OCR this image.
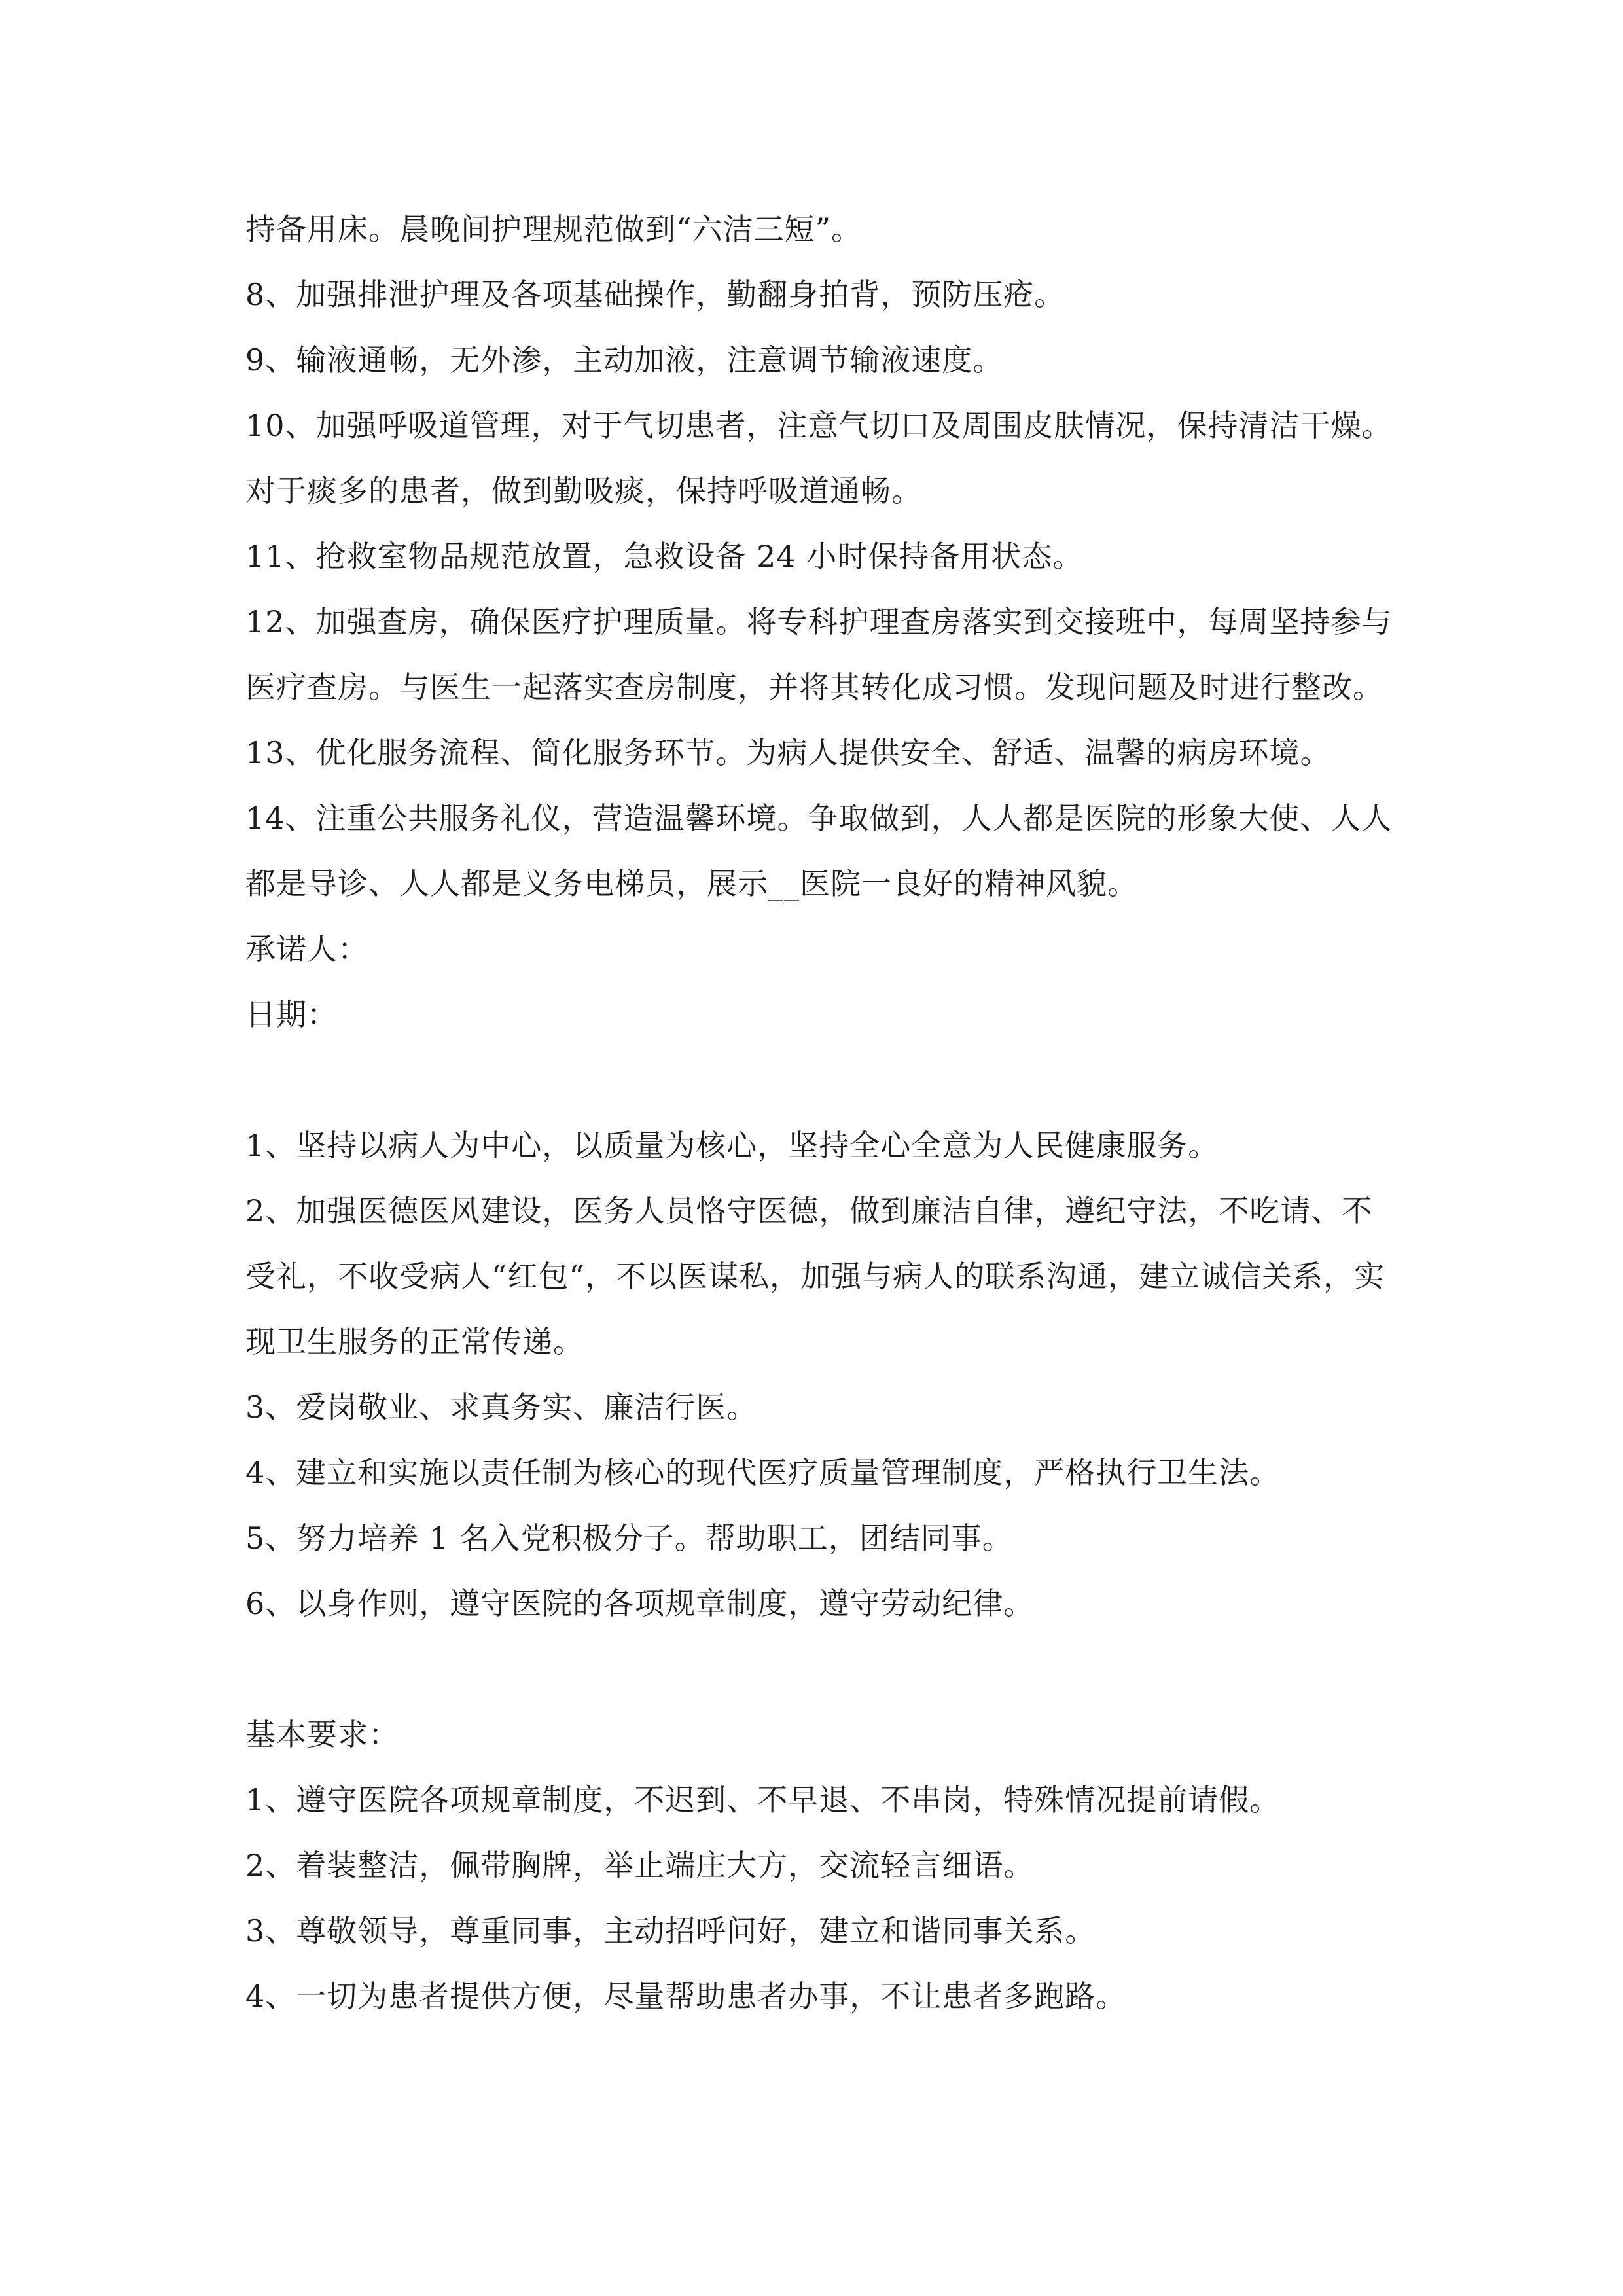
持备用床。晨晚间护理规范做到“六洁三短”。

8、加强排泄护理及各项基础操作，勤翻身拍背，预防压疮。

9、输液通畅，无外渗，主动加液，注意调节输液速度。

10、加强呼吸道管理，对于气切患者，注意气切口及周围皮肤情况，保持清洁干燥。对于痰多的患者，做到勤吸痰，保持呼吸道通畅。

11、抢救室物品规范放置，急救设备 24 小时保持备用状态。

12、加强查房，确保医疗护理质量。将专科护理查房落实到交接班中，每周坚持参与医疗查房。与医生一起落实查房制度，并将其转化成习惯。发现问题及时进行整改。

13、优化服务流程、简化服务环节。为病人提供安全、舒适、温馨的病房环境。

14、注重公共服务礼仪，营造温馨环境。争取做到，人人都是医院的形象大使、人人都是导诊、人人都是义务电梯员，展示__医院一良好的精神风貌。

承诺人：

日期：

1、坚持以病人为中心，以质量为核心，坚持全心全意为人民健康服务。

2、加强医德医风建设，医务人员恪守医德，做到廉洁自律，遵纪守法，不吃请、不受礼，不收受病人“红包“，不以医谋私，加强与病人的联系沟通，建立诚信关系，实现卫生服务的正常传递。

3、爱岗敬业、求真务实、廉洁行医。

4、建立和实施以责任制为核心的现代医疗质量管理制度，严格执行卫生法。

5、努力培养 1 名入党积极分子。帮助职工，团结同事。

6、以身作则，遵守医院的各项规章制度，遵守劳动纪律。

基本要求：

1、遵守医院各项规章制度，不迟到、不早退、不串岗，特殊情况提前请假。

2、着装整洁，佩带胸牌，举止端庄大方，交流轻言细语。

3、尊敬领导，尊重同事，主动招呼问好，建立和谐同事关系。

4、一切为患者提供方便，尽量帮助患者办事，不让患者多跑路。
